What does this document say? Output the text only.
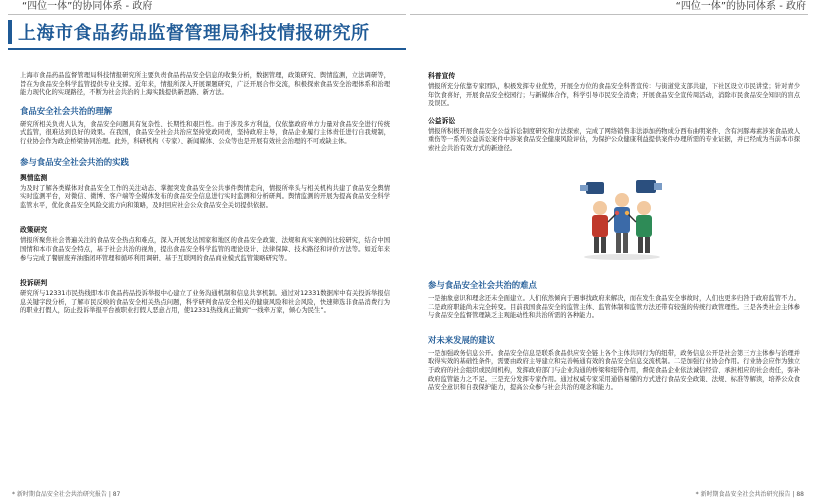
“四位一体”的协同体系 - 政府	“四位一体”的协同体系 - 政府
上海市食品药品监督管理局科技情报研究所

上海市食品药品监督管理局科技情报研究所主要负责食品药品安全信息的收集分析，数据管理，政策研究、舆情监测，立法调研等，旨在为食品安全科学监管提供专业支撑。近年来，情报所深入开展课题研究，广泛开展合作交流，积极探索食品安全治理体系和治理能力现代化的实现路径，不断为社会共治的上海实践提供新思路、新方法。

食品安全社会共治的理解

研究所相关负责人认为，食品安全问题具有复杂性、长期性和艰巨性。由于涉及多方利益，仅依靠政府单方力量对食品安全进行传统式监管，很难达到良好的效果。在我国，食品安全社会共治应坚持党政同责，坚持政府主导，食品企业履行主体责任进行自我规制，行业协会作为政企桥梁协同治理。此外，科研机构（专家）、新闻媒体、公众等也是开展有效社会治理的不可或缺主体。

参与食品安全社会共治的实践
舆情监测

为及时了解各类媒体对食品安全工作的关注动态、掌握突发食品安全公共事件舆情走向，情报所牵头与相关机构共建了食品安全舆情实时监测平台，对微信、微博、客户端等全媒体发布的食品安全信息进行实时监测和分析研判。舆情监测的开展为提高食品安全科学监管水平，优化食品安全风险交流方向和策略，及时回应社会公众食品安全关切提供依据。

政策研究

情报所聚焦社会普遍关注的食品安全热点和难点，深入开展发达国家和地区的食品安全政策、法规和真实案例的比较研究，结合中国国情和本市食品安全特点，基于社会共治的视角，提出食品安全科学监管的理论设计、法律保障、技术路径和评价方法等。如近年来参与完成了餐厨废弃油脂闭环管理和循环利用调研、基于互联网的食品商业模式监管策略研究等。

投诉研判

研究所与12331市民热线即本市食品药品投诉举报中心建立了业务沟通机制和信息共享机制。通过对12331数据库中有关投诉举报信息关键字段分析，了解市民反映的食品安全相关热点问题，科学研判食品安全相关的健康风险和社会风险，快速筛选非食品消费行为的职业打假人，防止投诉举报平台被职业打假人恶意占用，使12331热线真正做到“一线牵万家，倾心为民生”。

科普宣传

情报所充分依靠专家团队，积极发挥专业优势，开展全方位的食品安全科普宣传：与街道党支部共建，下社区设立市民讲堂；针对青少年饮食喜好，开展食品安全校园行；与新媒体合作，科学引导市民安全消费；开展食品安全宣传周活动，消除市民食品安全知识的盲点及误区。

公益诉讼

情报所积极开展食品安全公益诉讼制度研究和方法探索，完成了网络销售非法添加药物成分西布曲明案件、含有河豚毒素涉案食品致人重伤等一系列公益诉讼案件中涉案食品安全健康风险评估，为保护公众健康利益提供案件办理所需的专业证据，并已经成为当前本市探索社会共治有效方式的新途径。

参与食品安全社会共治的难点

一是抽象意识和理念还未全面建立。人们依然倾向于遇事找政府来解决，而在发生食品安全事故时，人们也更多归咎于政府监管不力。二是政府职能尚未完全转变。目前我国食品安全的监管主体、监管体制和监管方法还带有较强的传统行政管理性。三是各类社会主体参与食品安全监督管理缺乏主观能动性和共治所需的各种能力。

对未来发展的建议

一是加强政务信息公开。食品安全信息是联系食品供应安全链上各个主体共同行为的纽带，政务信息公开是社会第三方主体参与治理并取得实效的基础性条件，需要由政府主导建立和完善畅通有效的食品安全信息交流机制。二是加强行业协会作用。行业协会应作为独立于政府的社会组织或民间机构，发挥政府部门与企业沟通的桥梁和纽带作用，督促食品企业依法诚信经营、承担相应的社会责任，弥补政府监管能力之不足。三是充分发挥专家作用。通过权威专家采用通俗易懂的方式进行食品安全政策、法规、标准等解读，培养公众食品安全意识和自我保护能力，提高公众参与社会共治的观念和能力。

* 新时期食品安全社会共治研究报告 | 87	* 新时期食品安全社会共治研究报告 | 88
